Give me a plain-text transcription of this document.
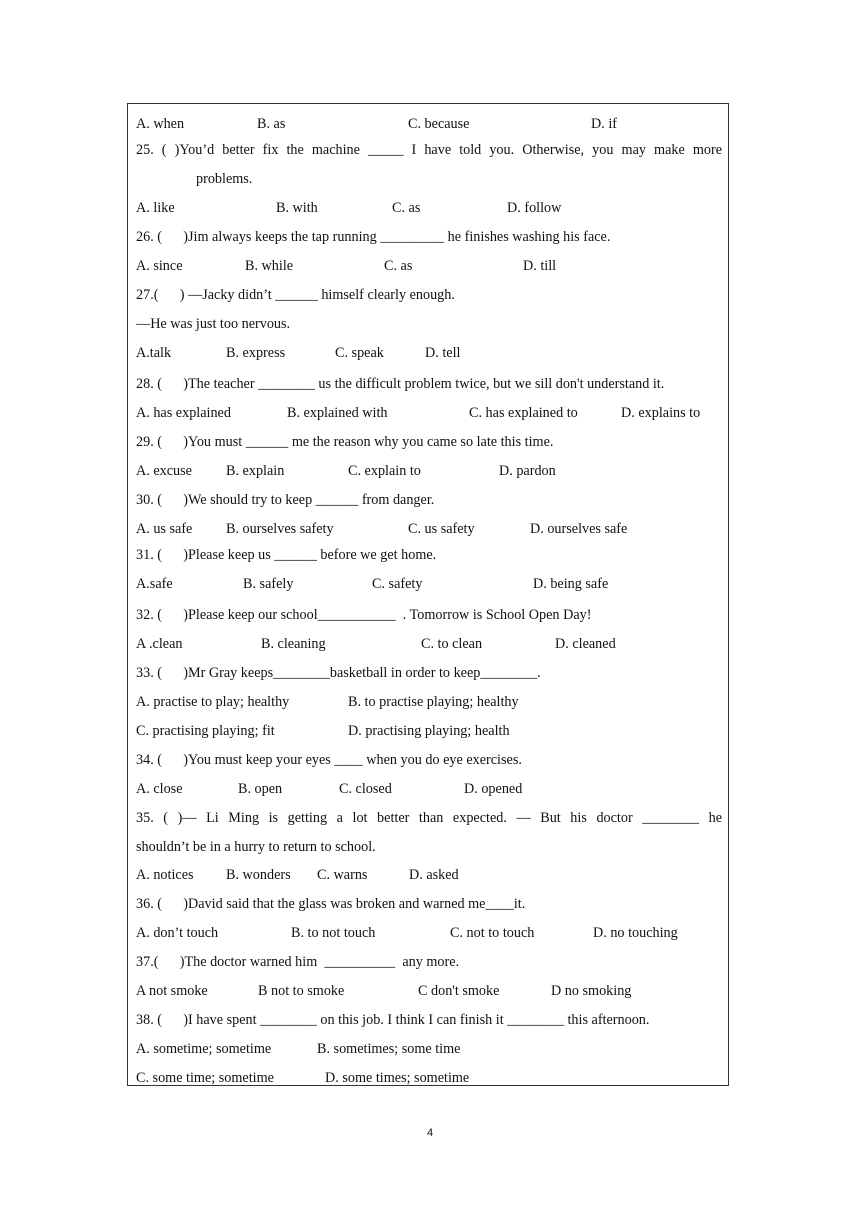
A. when	B. as	C. because	D. if
25. ( )You’d better fix the machine _____ I have told you. Otherwise, you may make more
problems.
A. like	B. with	C. as	D. follow
26. (      )Jim always keeps the tap running _________ he finishes washing his face.
A. since	B. while	C. as	D. till
27.(      ) —Jacky didn’t ______ himself clearly enough.
—He was just too nervous.
A.talk	B. express	C. speak	D. tell
28. (      )The teacher ________ us the difficult problem twice, but we sill don't understand it.
A. has explained	B. explained with	C. has explained to	D. explains to
29. (      )You must ______ me the reason why you came so late this time.
A. excuse B. explain	C. explain to	D. pardon
30. (      )We should try to keep ______ from danger.
A. us safe B. ourselves safety	C. us safety	D. ourselves safe
31. (      )Please keep us ______ before we get home.
A.safe	B. safely	C. safety	D. being safe
32. (      )Please keep our school___________  . Tomorrow is School Open Day!
A .clean	B. cleaning	C. to clean	D. cleaned
33. (      )Mr Gray keeps________basketball in order to keep________.
A. practise to play; healthy	B. to practise playing; healthy
C. practising playing; fit	D. practising playing; health
34. (      )You must keep your eyes ____ when you do eye exercises.
A. close	B. open	C. closed	D. opened
35. ( )— Li Ming is getting a lot better than expected. — But his doctor ________ he
shouldn’t be in a hurry to return to school.
A. notices B. wonders C. warns	D. asked
36. (      )David said that the glass was broken and warned me____it.
A. don’t touch	B. to not touch	C. not to touch	D. no touching
37.(      )The doctor warned him  __________  any more.
A not smoke	B not to smoke	C don't smoke	D no smoking
38. (      )I have spent ________ on this job. I think I can finish it ________ this afternoon.
A. sometime; sometime	B. sometimes; some time
C. some time; sometime	D. some times; sometime
4
